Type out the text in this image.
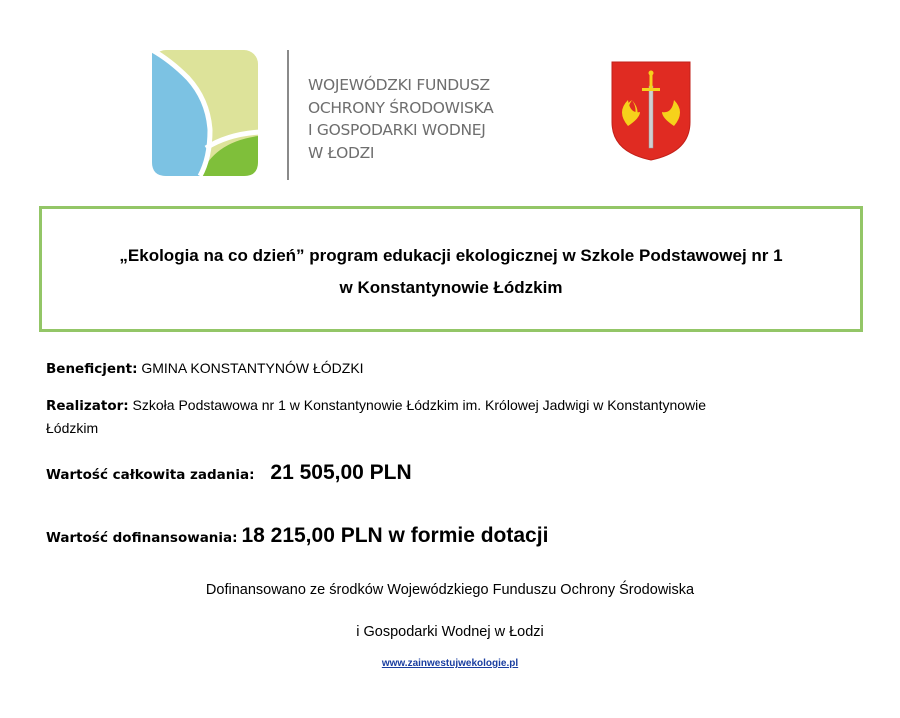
WOJEWÓDZKI FUNDUSZ
OCHRONY ŚRODOWISKA
I GOSPODARKI WODNEJ
W ŁODZI
„Ekologia na co dzień” program edukacji ekologicznej w Szkole Podstawowej nr 1
w Konstantynowie Łódzkim
Beneficjent: GMINA KONSTANTYNÓW ŁÓDZKI
Realizator: Szkoła Podstawowa nr 1 w Konstantynowie Łódzkim im. Królowej Jadwigi w Konstantynowie
Łódzkim
Wartość całkowita zadania: 21 505,00 PLN
Wartość dofinansowania: 18 215,00 PLN w formie dotacji
Dofinansowano ze środków Wojewódzkiego Funduszu Ochrony Środowiska
i Gospodarki Wodnej w Łodzi
www.zainwestujwekologie.pl
